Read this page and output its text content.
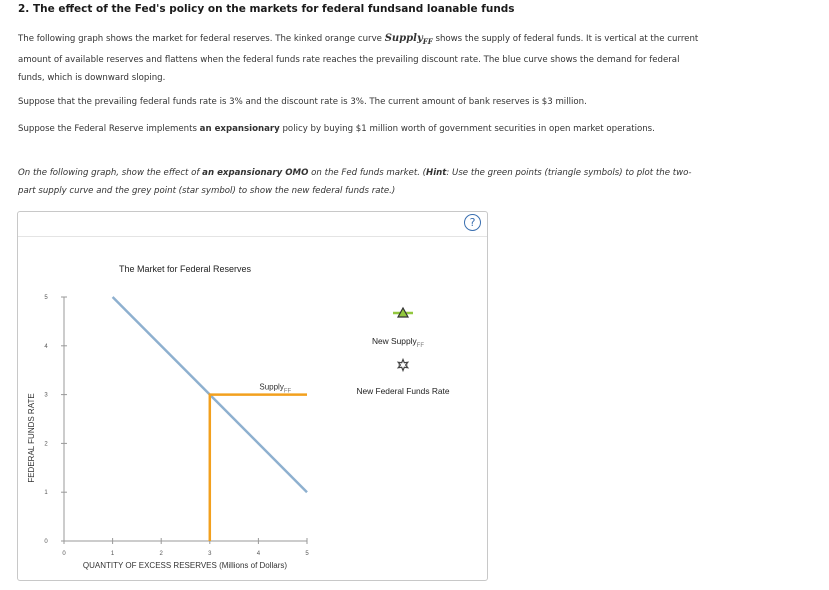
2. The effect of the Fed's policy on the markets for federal fundsand loanable funds
The following graph shows the market for federal reserves. The kinked orange curve Supply$_{FF}$ shows the supply of federal funds. It is vertical at the current amount of available reserves and flattens when the federal funds rate reaches the prevailing discount rate. The blue curve shows the demand for federal funds, which is downward sloping.
Suppose that the prevailing federal funds rate is 3% and the discount rate is 3%. The current amount of bank reserves is $3 million.
Suppose the Federal Reserve implements an expansionary policy by buying $1 million worth of government securities in open market operations.
On the following graph, show the effect of an expansionary OMO on the Fed funds market. (Hint: Use the green points (triangle symbols) to plot the two-part supply curve and the grey point (star symbol) to show the new federal funds rate.)
?
The Market for Federal Reserves
0
1
2
3
4
5
0	1	2	3	4	5
Supply$_{FF}$
FEDERAL FUNDS RATE
QUANTITY OF EXCESS RESERVES (Millions of Dollars)
New Supply$_{FF}$
New Federal Funds Rate
